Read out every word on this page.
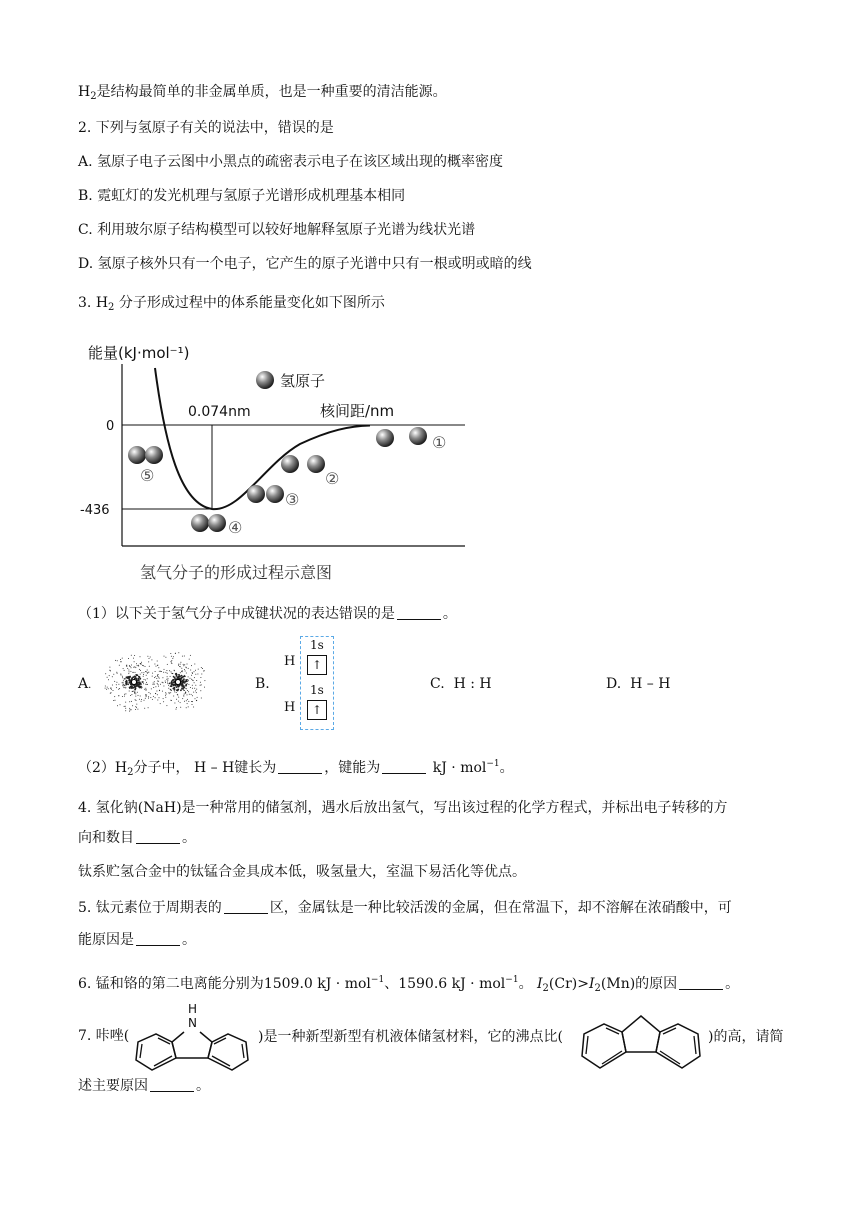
$H_2$是结构最简单的非金属单质，也是一种重要的清洁能源。
2. 下列与氢原子有关的说法中，错误的是
A. 氢原子电子云图中小黑点的疏密表示电子在该区域出现的概率密度
B. 霓虹灯的发光机理与氢原子光谱形成机理基本相同
C. 利用玻尔原子结构模型可以较好地解释氢原子光谱为线状光谱
D. 氢原子核外只有一个电子，它产生的原子光谱中只有一根或明或暗的线
3. $H_2$ 分子形成过程中的体系能量变化如下图所示
能量(kJ·mol⁻¹)
0
-436
0.074nm	核间距/nm
氢气分子的形成过程示意图
氢原子
①
②
③
④
⑤
（1）以下关于氢气分子中成键状况的表达错误的是	。
A.	B.
1s
↑
1s
↑
H
H
C. H : H	D. H – H
$(2)H_2$分子中， H – H键长为	，键能为	kJ · mol$^{-1}$。
4. 氢化钠(NaH)是一种常用的储氢剂，遇水后放出氢气，写出该过程的化学方程式，并标出电子转移的方
向和数目	。
钛系贮氢合金中的钛锰合金具成本低，吸氢量大，室温下易活化等优点。
5. 钛元素位于周期表的	区，金属钛是一种比较活泼的金属，但在常温下，却不溶解在浓硝酸中，可
能原因是	。
6. 锰和铬的第二电离能分别为1509.0 kJ · mol$^{-1}$、1590.6 kJ · mol$^{-1}$。 $I_2(Cr)>I_2(Mn)$的原因	。
7. 咔唑(
H
N
)是一种新型新型有机液体储氢材料，它的沸点比(	)的高，请简
述主要原因	。
